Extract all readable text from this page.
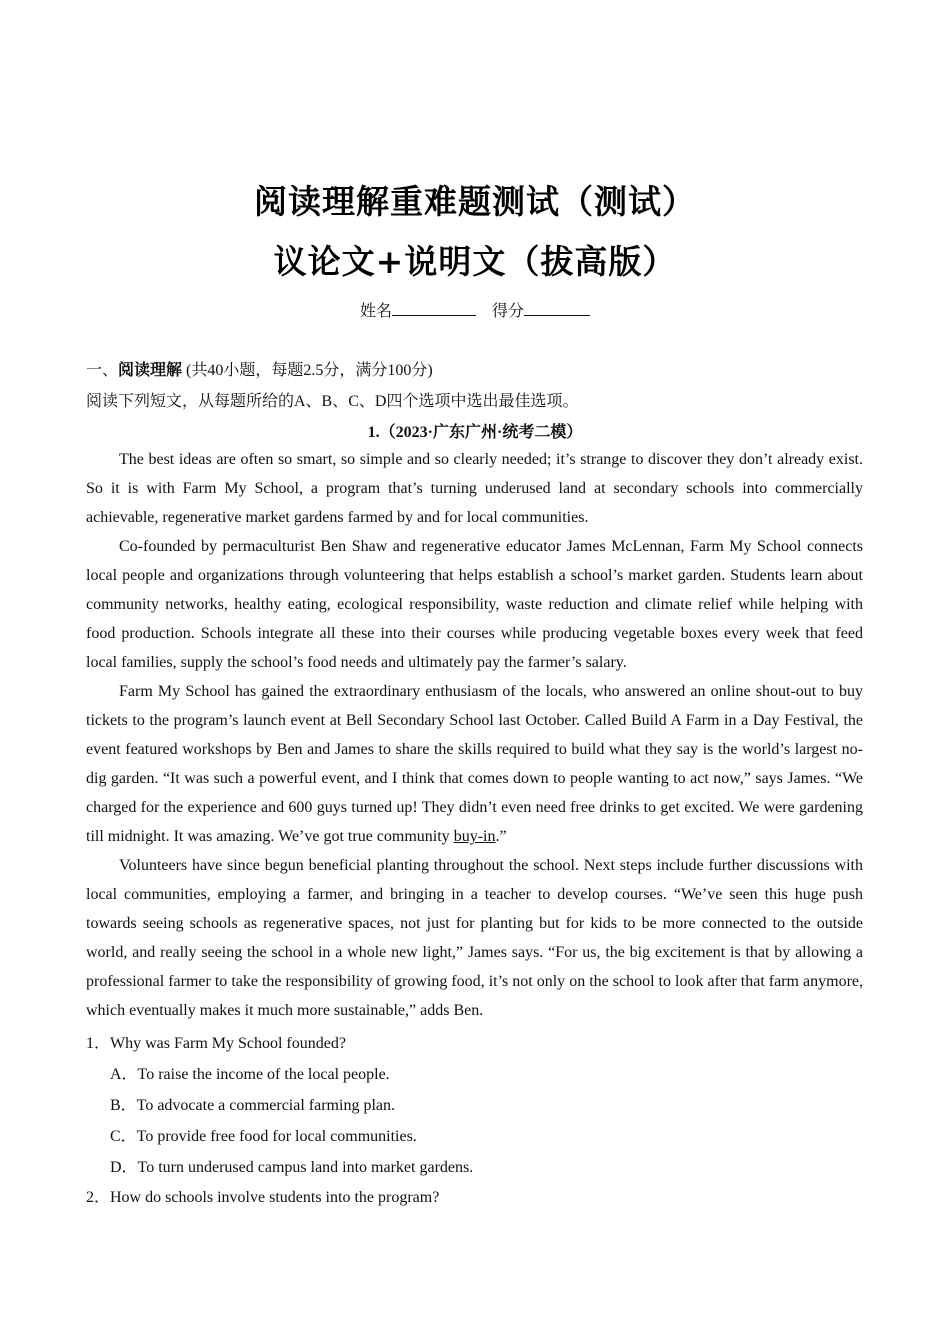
阅读理解重难题测试（测试）
议论文+说明文（拔高版）
姓名	得分
一、阅读理解 (共40小题，每题2.5分，满分100分)
阅读下列短文，从每题所给的A、B、C、D四个选项中选出最佳选项。
1.（2023·广东广州·统考二模）

The best ideas are often so smart, so simple and so clearly needed; it’s strange to discover they don’t already exist. So it is with Farm My School, a program that’s turning underused land at secondary schools into commercially achievable, regenerative market gardens farmed by and for local communities.

Co-founded by permaculturist Ben Shaw and regenerative educator James McLennan, Farm My School connects local people and organizations through volunteering that helps establish a school’s market garden. Students learn about community networks, healthy eating, ecological responsibility, waste reduction and climate relief while helping with food production. Schools integrate all these into their courses while producing vegetable boxes every week that feed local families, supply the school’s food needs and ultimately pay the farmer’s salary.

Farm My School has gained the extraordinary enthusiasm of the locals, who answered an online shout-out to buy tickets to the program’s launch event at Bell Secondary School last October. Called Build A Farm in a Day Festival, the event featured workshops by Ben and James to share the skills required to build what they say is the world’s largest no-dig garden. “It was such a powerful event, and I think that comes down to people wanting to act now,” says James. “We charged for the experience and 600 guys turned up! They didn’t even need free drinks to get excited. We were gardening till midnight. It was amazing. We’ve got true community buy-in.”

Volunteers have since begun beneficial planting throughout the school. Next steps include further discussions with local communities, employing a farmer, and bringing in a teacher to develop courses. “We’ve seen this huge push towards seeing schools as regenerative spaces, not just for planting but for kids to be more connected to the outside world, and really seeing the school in a whole new light,” James says. “For us, the big excitement is that by allowing a professional farmer to take the responsibility of growing food, it’s not only on the school to look after that farm anymore, which eventually makes it much more sustainable,” adds Ben.

1．Why was Farm My School founded?
A．To raise the income of the local people.
B．To advocate a commercial farming plan.
C．To provide free food for local communities.
D．To turn underused campus land into market gardens.
2．How do schools involve students into the program?
